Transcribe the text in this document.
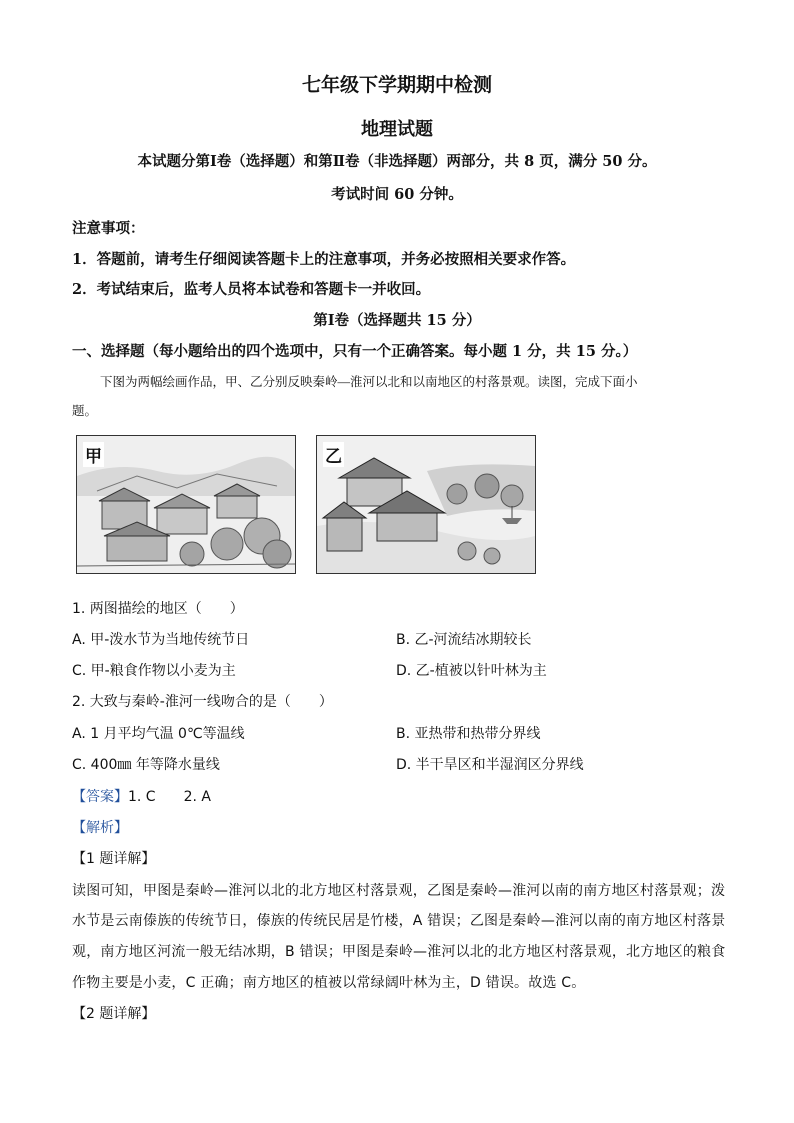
七年级下学期期中检测
地理试题
本试题分第Ⅰ卷（选择题）和第Ⅱ卷（非选择题）两部分，共 8 页，满分 50 分。
考试时间 60 分钟。
注意事项：
1．答题前，请考生仔细阅读答题卡上的注意事项，并务必按照相关要求作答。
2．考试结束后，监考人员将本试卷和答题卡一并收回。
第Ⅰ卷（选择题共 15 分）
一、选择题（每小题给出的四个选项中，只有一个正确答案。每小题 1 分，共 15 分。）
下图为两幅绘画作品，甲、乙分别反映秦岭—淮河以北和以南地区的村落景观。读图，完成下面小
题。
甲	乙
1. 两图描绘的地区（　　）
A. 甲-泼水节为当地传统节日	B. 乙-河流结冰期较长
C. 甲-粮食作物以小麦为主	D. 乙-植被以针叶林为主
2. 大致与秦岭-淮河一线吻合的是（　　）
A. 1 月平均气温 0℃等温线	B. 亚热带和热带分界线
C. 400㎜ 年等降水量线	D. 半干旱区和半湿润区分界线
【答案】1. C　　2. A
【解析】
【1 题详解】
读图可知，甲图是秦岭—淮河以北的北方地区村落景观，乙图是秦岭—淮河以南的南方地区村落景观；泼
水节是云南傣族的传统节日，傣族的传统民居是竹楼，A 错误；乙图是秦岭—淮河以南的南方地区村落景
观，南方地区河流一般无结冰期，B 错误；甲图是秦岭—淮河以北的北方地区村落景观，北方地区的粮食
作物主要是小麦，C 正确；南方地区的植被以常绿阔叶林为主，D 错误。故选 C。
【2 题详解】
